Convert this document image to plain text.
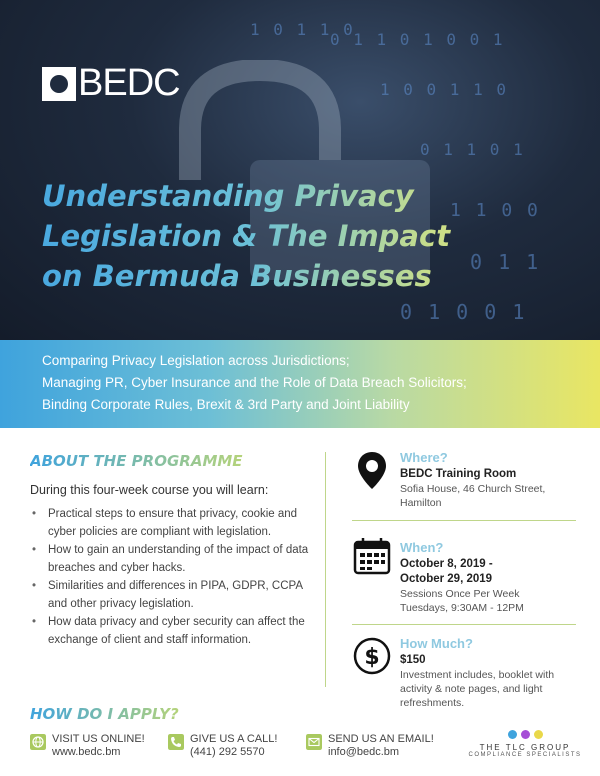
0 1 1 0 1 0 0 1
1 0 0 1 1 0
0 1 1 0 1
0 1 0 0 1
1 0 1 1 0
BEDC
Understanding Privacy
Legislation & The Impact
on Bermuda Businesses

Comparing Privacy Legislation across Jurisdictions;

Managing PR, Cyber Insurance and the Role of Data Breach Solicitors;

Binding Corporate Rules, Brexit & 3rd Party and Joint Liability

ABOUT THE PROGRAMME

During this four-week course you will learn:

• Practical steps to ensure that privacy, cookie and cyber policies are compliant with legislation.
• How to gain an understanding of the impact of data breaches and cyber hacks.
• Similarities and differences in PIPA, GDPR, CCPA and other privacy legislation.
• How data privacy and cyber security can affect the exchange of client and staff information.
Where?
BEDC Training Room
Sofia House, 46 Church Street, Hamilton
When?
October 8, 2019 -
October 29, 2019
Sessions Once Per Week
Tuesdays, 9:30AM - 12PM
$
How Much?
$150
Investment includes, booklet with activity & note pages, and light refreshments.
HOW DO I APPLY?
VISIT US ONLINE!
www.bedc.bm
GIVE US A CALL!
(441) 292 5570
SEND US AN EMAIL!
info@bedc.bm	THE TLC GROUP
COMPLIANCE SPECIALISTS
